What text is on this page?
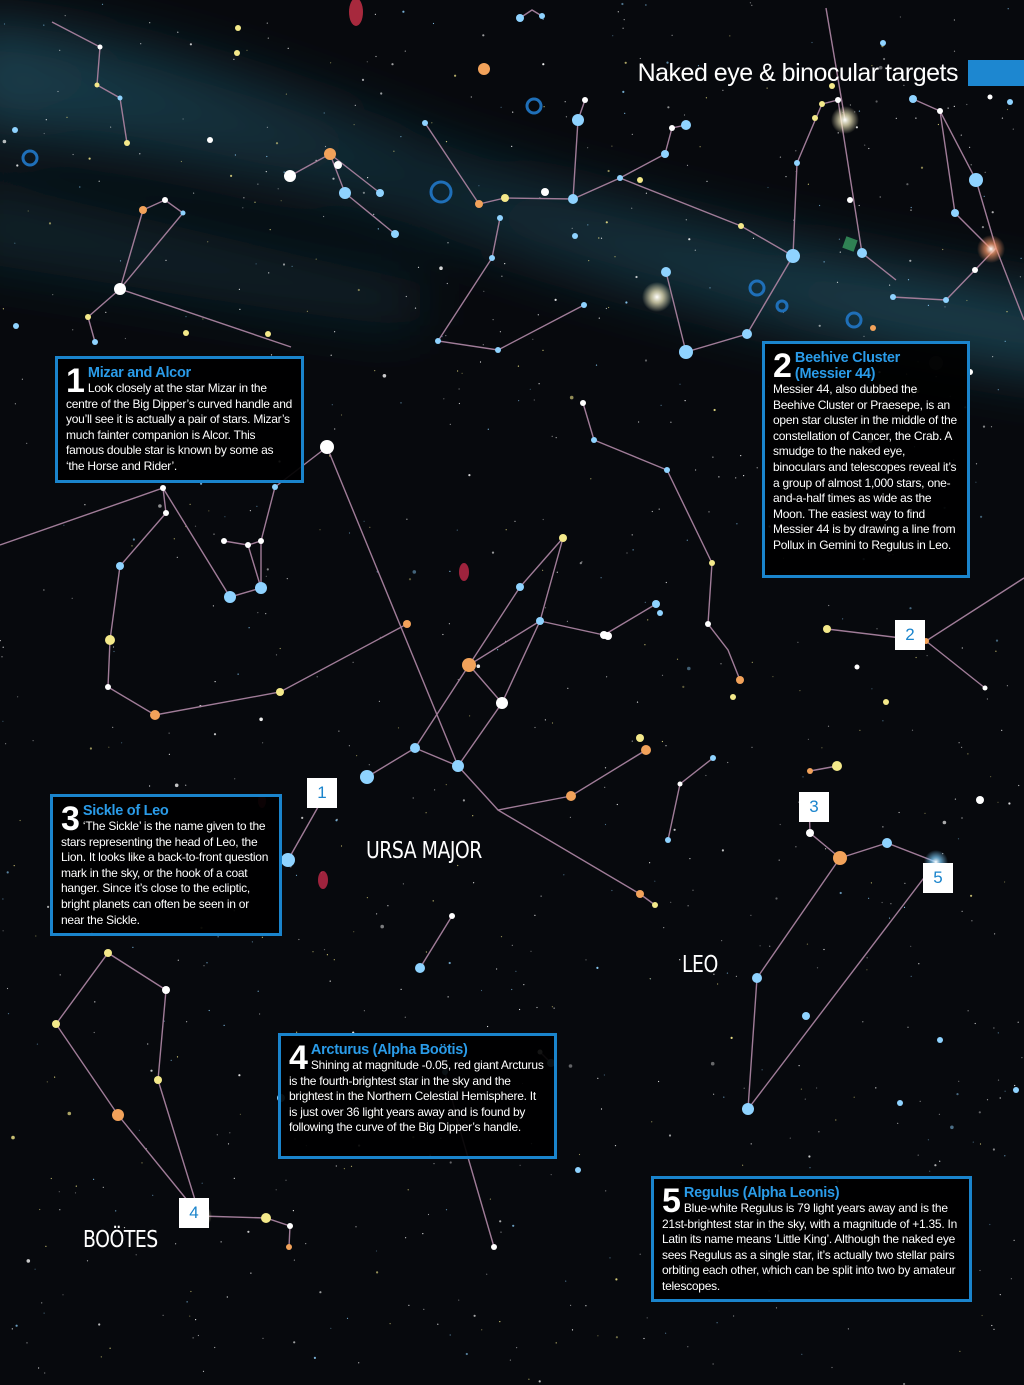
Naked eye & binocular targets
1 Mizar and Alcor
Look closely at the star Mizar in the centre of the Big Dipper’s curved handle and you’ll see it is actually a pair of stars. Mizar’s much fainter companion is Alcor. This famous double star is known by some as ‘the Horse and Rider’.
2 Beehive Cluster (Messier 44)
Messier 44, also dubbed the Beehive Cluster or Praesepe, is an open star cluster in the middle of the constellation of Cancer, the Crab. A smudge to the naked eye, binoculars and telescopes reveal it’s a group of almost 1,000 stars, one-and-a-half times as wide as the Moon. The easiest way to find Messier 44 is by drawing a line from Pollux in Gemini to Regulus in Leo.
3 Sickle of Leo
‘The Sickle’ is the name given to the stars representing the head of Leo, the Lion. It looks like a back-to-front question mark in the sky, or the hook of a coat hanger. Since it’s close to the ecliptic, bright planets can often be seen in or near the Sickle.
4 Arcturus (Alpha Boötis)
Shining at magnitude -0.05, red giant Arcturus is the fourth-brightest star in the sky and the brightest in the Northern Celestial Hemisphere. It is just over 36 light years away and is found by following the curve of the Big Dipper’s handle.
5 Regulus (Alpha Leonis)
Blue-white Regulus is 79 light years away and is the 21st-brightest star in the sky, with a magnitude of +1.35. In Latin its name means ‘Little King’. Although the naked eye sees Regulus as a single star, it’s actually two stellar pairs orbiting each other, which can be split into two by amateur telescopes.
1
2
3
4
5
URSA MAJOR
LEO
BOÖTES
